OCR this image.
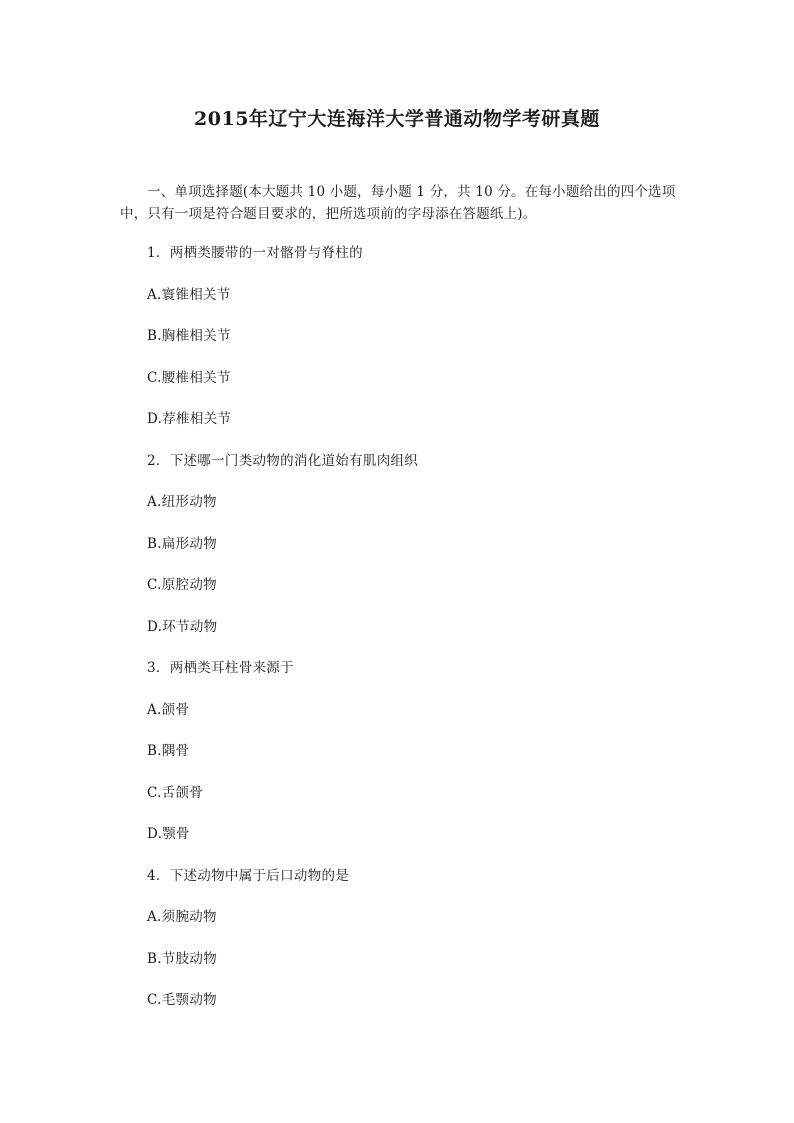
2015年辽宁大连海洋大学普通动物学考研真题
一、单项选择题(本大题共 10 小题，每小题 1 分，共 10 分。在每小题给出的四个选项中，只有一项是符合题目要求的，把所选项前的字母添在答题纸上)。
1．两栖类腰带的一对髂骨与脊柱的
A.寰锥相关节
B.胸椎相关节
C.腰椎相关节
D.荐椎相关节
2．下述哪一门类动物的消化道始有肌肉组织
A.纽形动物
B.扁形动物
C.原腔动物
D.环节动物
3．两栖类耳柱骨来源于
A.颌骨
B.隅骨
C.舌颌骨
D.颚骨
4．下述动物中属于后口动物的是
A.须腕动物
B.节肢动物
C.毛颚动物
